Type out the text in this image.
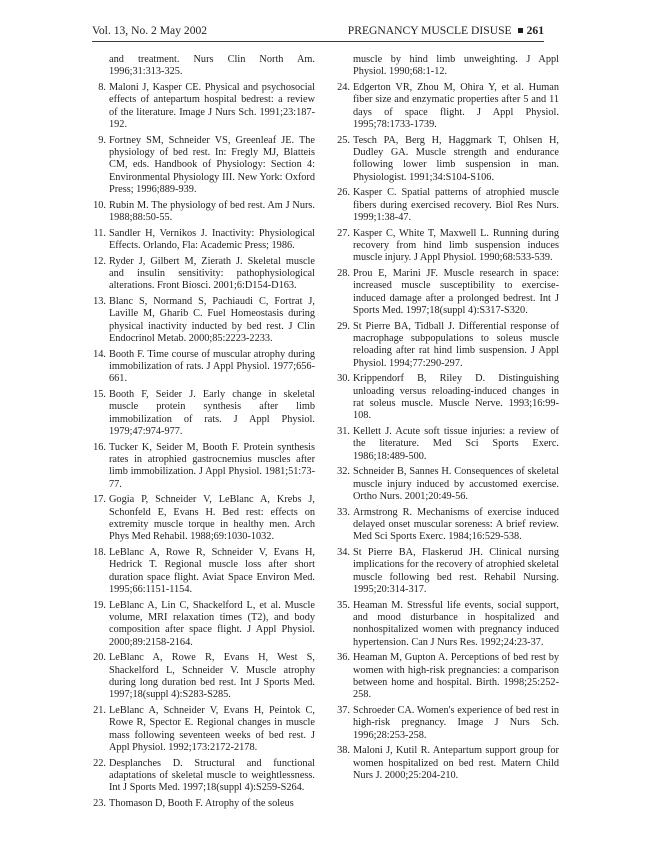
Vol. 13, No. 2 May 2002	PREGNANCY MUSCLE DISUSE 261
and treatment. Nurs Clin North Am. 1996;31:313-325.
8. Maloni J, Kasper CE. Physical and psychosocial effects of antepartum hospital bedrest: a review of the literature. Image J Nurs Sch. 1991;23:187-192.
9. Fortney SM, Schneider VS, Greenleaf JE. The physiology of bed rest. In: Fregly MJ, Blatteis CM, eds. Handbook of Physiology: Section 4: Environmental Physiology III. New York: Oxford Press; 1996;889-939.
10. Rubin M. The physiology of bed rest. Am J Nurs. 1988;88:50-55.
11. Sandler H, Vernikos J. Inactivity: Physiological Effects. Orlando, Fla: Academic Press; 1986.
12. Ryder J, Gilbert M, Zierath J. Skeletal muscle and insulin sensitivity: pathophysiological alterations. Front Biosci. 2001;6:D154-D163.
13. Blanc S, Normand S, Pachiaudi C, Fortrat J, Laville M, Gharib C. Fuel Homeostasis during physical inactivity inducted by bed rest. J Clin Endocrinol Metab. 2000;85:2223-2233.
14. Booth F. Time course of muscular atrophy during immobilization of rats. J Appl Physiol. 1977;656-661.
15. Booth F, Seider J. Early change in skeletal muscle protein synthesis after limb immobilization of rats. J Appl Physiol. 1979;47:974-977.
16. Tucker K, Seider M, Booth F. Protein synthesis rates in atrophied gastrocnemius muscles after limb immobilization. J Appl Physiol. 1981;51:73-77.
17. Gogia P, Schneider V, LeBlanc A, Krebs J, Schonfeld E, Evans H. Bed rest: effects on extremity muscle torque in healthy men. Arch Phys Med Rehabil. 1988;69:1030-1032.
18. LeBlanc A, Rowe R, Schneider V, Evans H, Hedrick T. Regional muscle loss after short duration space flight. Aviat Space Environ Med. 1995;66:1151-1154.
19. LeBlanc A, Lin C, Shackelford L, et al. Muscle volume, MRI relaxation times (T2), and body composition after space flight. J Appl Physiol. 2000;89:2158-2164.
20. LeBlanc A, Rowe R, Evans H, West S, Shackelford L, Schneider V. Muscle atrophy during long duration bed rest. Int J Sports Med. 1997;18(suppl 4):S283-S285.
21. LeBlanc A, Schneider V, Evans H, Peintok C, Rowe R, Spector E. Regional changes in muscle mass following seventeen weeks of bed rest. J Appl Physiol. 1992;173:2172-2178.
22. Desplanches D. Structural and functional adaptations of skeletal muscle to weightlessness. Int J Sports Med. 1997;18(suppl 4):S259-S264.
23. Thomason D, Booth F. Atrophy of the soleus
muscle by hind limb unweighting. J Appl Physiol. 1990;68:1-12.
24. Edgerton VR, Zhou M, Ohira Y, et al. Human fiber size and enzymatic properties after 5 and 11 days of space flight. J Appl Physiol. 1995;78:1733-1739.
25. Tesch PA, Berg H, Haggmark T, Ohlsen H, Dudley GA. Muscle strength and endurance following lower limb suspension in man. Physiologist. 1991;34:S104-S106.
26. Kasper C. Spatial patterns of atrophied muscle fibers during exercised recovery. Biol Res Nurs. 1999;1:38-47.
27. Kasper C, White T, Maxwell L. Running during recovery from hind limb suspension induces muscle injury. J Appl Physiol. 1990;68:533-539.
28. Prou E, Marini JF. Muscle research in space: increased muscle susceptibility to exercise-induced damage after a prolonged bedrest. Int J Sports Med. 1997;18(suppl 4):S317-S320.
29. St Pierre BA, Tidball J. Differential response of macrophage subpopulations to soleus muscle reloading after rat hind limb suspension. J Appl Physiol. 1994;77:290-297.
30. Krippendorf B, Riley D. Distinguishing unloading versus reloading-induced changes in rat soleus muscle. Muscle Nerve. 1993;16:99-108.
31. Kellett J. Acute soft tissue injuries: a review of the literature. Med Sci Sports Exerc. 1986;18:489-500.
32. Schneider B, Sannes H. Consequences of skeletal muscle injury induced by accustomed exercise. Ortho Nurs. 2001;20:49-56.
33. Armstrong R. Mechanisms of exercise induced delayed onset muscular soreness: A brief review. Med Sci Sports Exerc. 1984;16:529-538.
34. St Pierre BA, Flaskerud JH. Clinical nursing implications for the recovery of atrophied skeletal muscle following bed rest. Rehabil Nursing. 1995;20:314-317.
35. Heaman M. Stressful life events, social support, and mood disturbance in hospitalized and nonhospitalized women with pregnancy induced hypertension. Can J Nurs Res. 1992;24:23-37.
36. Heaman M, Gupton A. Perceptions of bed rest by women with high-risk pregnancies: a comparison between home and hospital. Birth. 1998;25:252-258.
37. Schroeder CA. Women's experience of bed rest in high-risk pregnancy. Image J Nurs Sch. 1996;28:253-258.
38. Maloni J, Kutil R. Antepartum support group for women hospitalized on bed rest. Matern Child Nurs J. 2000;25:204-210.
